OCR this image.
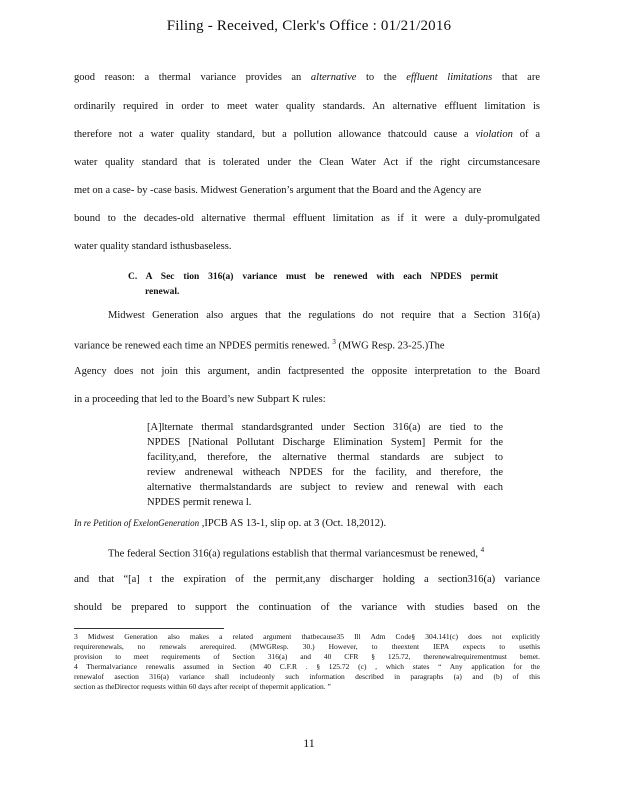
Filing - Received, Clerk's Office : 01/21/2016
good reason: a thermal variance provides an alternative to the effluent limitations that are
ordinarily required in order to meet water quality standards. An alternative effluent limitation is
therefore not a water quality standard, but a pollution allowance thatcould cause a violation of a
water quality standard that is tolerated under the Clean Water Act if the right circumstancesare
met on a case- by -case basis. Midwest Generation’s argument that the Board and the Agency are
bound to the decades-old alternative thermal effluent limitation as if it were a duly-promulgated
water quality standard isthusbaseless.
C. A Sec tion 316(a) variance must be renewed with each NPDES permit
renewal.
Midwest Generation also argues that the regulations do not require that a Section 316(a)
variance be renewed each time an NPDES permitis renewed. $^3$ (MWG Resp. 23-25.)The
Agency does not join this argument, andin factpresented the opposite interpretation to the Board
in a proceeding that led to the Board’s new Subpart K rules:
[A]lternate thermal standardsgranted under Section 316(a) are tied to the
NPDES [National Pollutant Discharge Elimination System] Permit for the
facility,and, therefore, the alternative thermal standards are subject to
review andrenewal witheach NPDES for the facility, and therefore, the
alternative thermalstandards are subject to review and renewal with each
NPDES permit renewa l.
In re Petition of ExelonGeneration ,IPCB AS 13-1, slip op. at 3 (Oct. 18,2012).
The federal Section 316(a) regulations establish that thermal variancesmust be renewed, $^4$
and that “[a] t the expiration of the permit,any discharger holding a section316(a) variance
should be prepared to support the continuation of the variance with studies based on the
3 Midwest Generation also makes a related argument thatbecause35 Ill Adm Code§ 304.141(c) does not explicitly
requirerenewals, no renewals arerequired. (MWGResp. 30.) However, to theextent IEPA expects to usethis
provision to meet requirements of Section 316(a) and 40 CFR § 125.72, therenewalrequirementmust bemet.
4 Thermalvariance renewalis assumed in Section 40 C.F.R . § 125.72 (c) , which states “ Any application for the
renewalof asection 316(a) variance shall includeonly such information described in paragraphs (a) and (b) of this
section as theDirector requests within 60 days after receipt of thepermit application. ”
11
